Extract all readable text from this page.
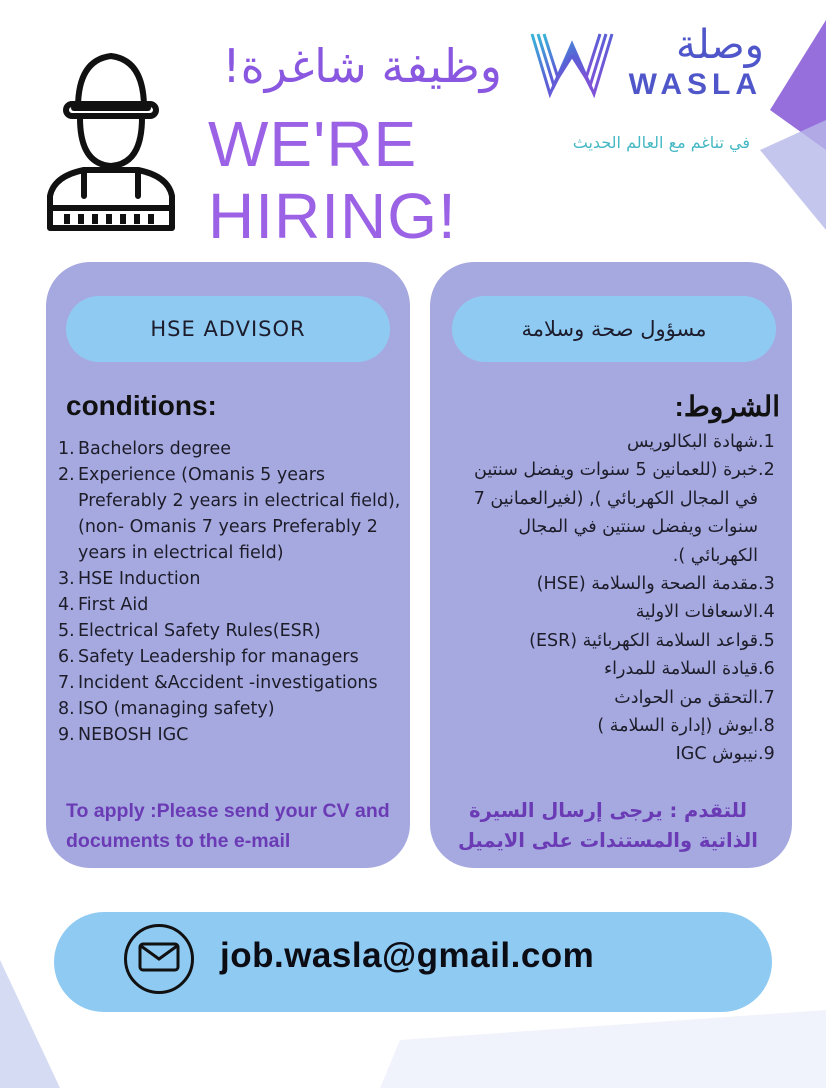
وظيفة شاغرة!
WE'RE HIRING!
وصلة
WASLA
في تناغم مع العالم الحديث
HSE ADVISOR
conditions:
1. Bachelors degree
2. Experience (Omanis 5 years Preferably 2 years in electrical field),(non- Omanis 7 years Preferably 2 years in electrical field)
3. HSE Induction
4. First Aid
5. Electrical Safety Rules(ESR)
6. Safety Leadership for managers
7. Incident &Accident -investigations
8. ISO (managing safety)
9. NEBOSH IGC
To apply :Please send your CV and documents to the e-mail
مسؤول صحة وسلامة
الشروط:
1.
شهادة البكالوريس
2.
خبرة (للعمانين 5 سنوات ويفضل سنتين في المجال الكهربائي ), (لغيرالعمانين 7 سنوات ويفضل سنتين في المجال الكهربائي ).
3.
مقدمة الصحة والسلامة (HSE)
4.
الاسعافات الاولية
5.
قواعد السلامة الكهربائية (ESR)
6.
قيادة السلامة للمدراء
7.
التحقق من الحوادث
8.
ايوش (إدارة السلامة )
9.
نيبوش IGC
للتقدم : يرجى إرسال السيرة الذاتية والمستندات على الايميل
job.wasla@gmail.com
